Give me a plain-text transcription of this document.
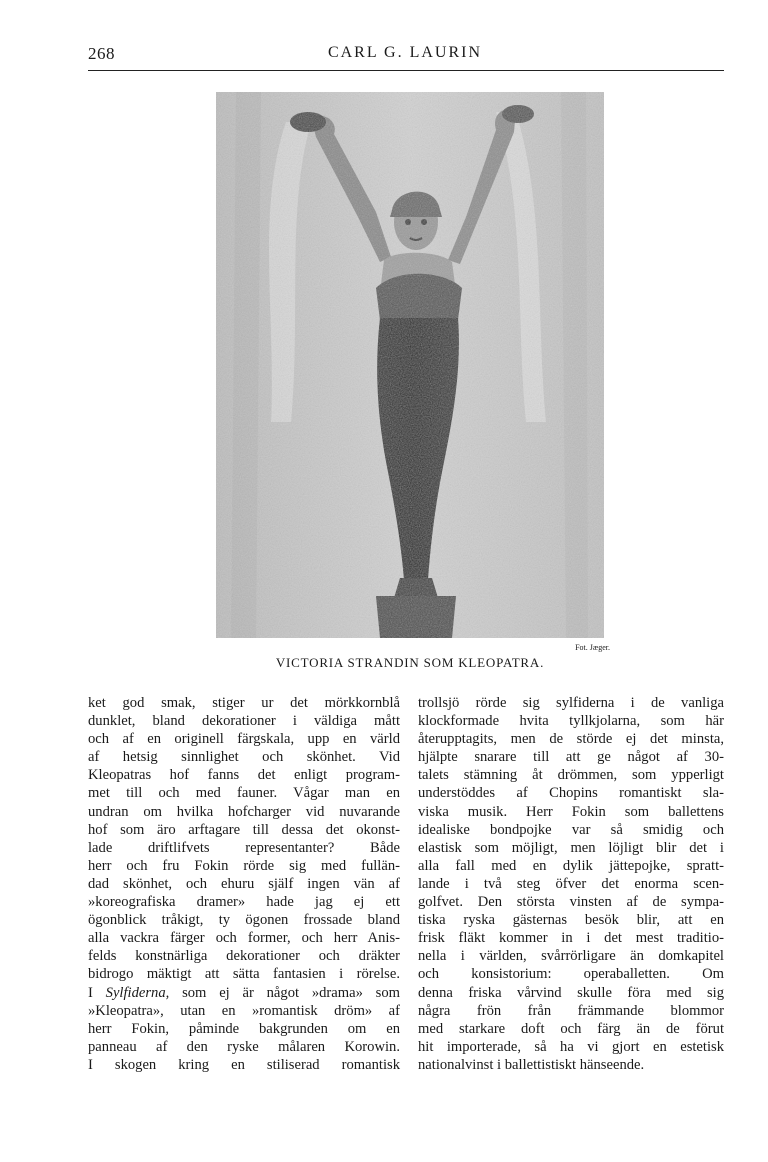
268	CARL G. LAURIN
Fot. Jæger.
VICTORIA STRANDIN SOM KLEOPATRA.
ket god smak, stiger ur det mörkkornblå
dunklet, bland dekorationer i väldiga mått
och af en originell färgskala, upp en värld
af hetsig sinnlighet och skönhet. Vid
Kleopatras hof fanns det enligt program-
met till och med fauner. Vågar man en
undran om hvilka hofcharger vid nuvarande
hof som äro arftagare till dessa det okonst-
lade driftlifvets representanter? Både
herr och fru Fokin rörde sig med fullän-
dad skönhet, och ehuru själf ingen vän af
»koreografiska dramer» hade jag ej ett
ögonblick tråkigt, ty ögonen frossade bland
alla vackra färger och former, och herr Anis-
felds konstnärliga dekorationer och dräkter
bidrogo mäktigt att sätta fantasien i rörelse.
I Sylfiderna, som ej är något »drama» som
»Kleopatra», utan en »romantisk dröm» af
herr Fokin, påminde bakgrunden om en
panneau af den ryske målaren Korowin.
I skogen kring en stiliserad romantisk
trollsjö rörde sig sylfiderna i de vanliga
klockformade hvita tyllkjolarna, som här
återupptagits, men de störde ej det minsta,
hjälpte snarare till att ge något af 30-
talets stämning åt drömmen, som ypperligt
understöddes af Chopins romantiskt sla-
viska musik. Herr Fokin som ballettens
idealiske bondpojke var så smidig och
elastisk som möjligt, men löjligt blir det i
alla fall med en dylik jättepojke, spratt-
lande i två steg öfver det enorma scen-
golfvet. Den största vinsten af de sympa-
tiska ryska gästernas besök blir, att en
frisk fläkt kommer in i det mest traditio-
nella i världen, svårrörligare än domkapitel
och konsistorium: operaballetten. Om
denna friska vårvind skulle föra med sig
några frön från främmande blommor
med starkare doft och färg än de förut
hit importerade, så ha vi gjort en estetisk
nationalvinst i ballettistiskt hänseende.
